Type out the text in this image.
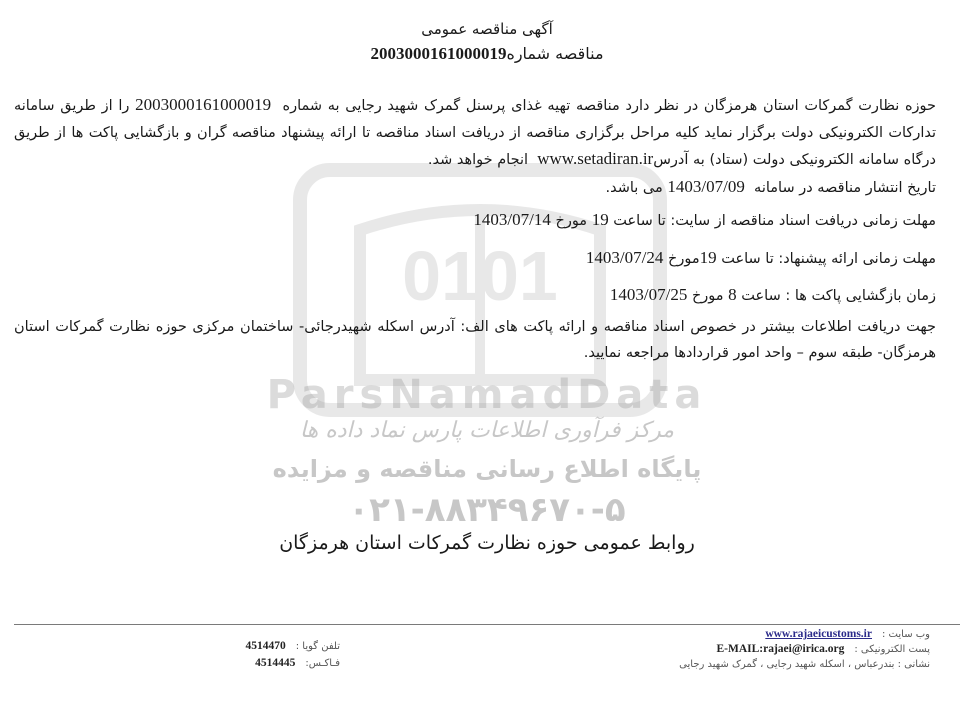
0101
ParsNamadData
مرکز فرآوری اطلاعات پارس نماد داده ها
پایگاه اطلاع رسانی مناقصه و مزایده
۰۲۱-۸۸۳۴۹۶۷۰-۵
آگهی مناقصه عمومی
مناقصه شماره2003000161000019

حوزه نظارت گمرکات استان هرمزگان در نظر دارد مناقصه تهیه غذای پرسنل گمرک شهید رجایی به شماره  2003000161000019 را از طریق سامانه تدارکات الکترونیکی دولت برگزار نماید کلیه مراحل برگزاری مناقصه از دریافت اسناد مناقصه تا ارائه پیشنهاد مناقصه گران و بازگشایی پاکت ها از طریق درگاه سامانه الکترونیکی دولت (ستاد) به آدرسwww.setadiran.ir  انجام خواهد شد.

تاریخ انتشار مناقصه در سامانه  1403/07/09 می باشد.

مهلت زمانی دریافت اسناد مناقصه از سایت: تا ساعت 19 مورخ 1403/07/14

مهلت زمانی ارائه پیشنهاد: تا ساعت 19مورخ 1403/07/24

زمان بازگشایی پاکت ها : ساعت 8 مورخ 1403/07/25

جهت دریافت اطلاعات بیشتر در خصوص اسناد مناقصه و ارائه پاکت های الف: آدرس اسکله شهیدرجائی- ساختمان مرکزی حوزه نظارت گمرکات استان هرمزگان- طبقه سوم – واحد امور قراردادها مراجعه نمایید.

روابط عمومی حوزه نظارت گمرکات استان هرمزگان
وب سایت :www.rajaeicustoms.ir
پست الکترونیکی :E-MAIL:rajaei@irica.org
نشانی : بندرعباس ، اسکله شهید رجایی ، گمرک شهید رجایی
تلفن گویا :4514470
فـاکـس:4514445
